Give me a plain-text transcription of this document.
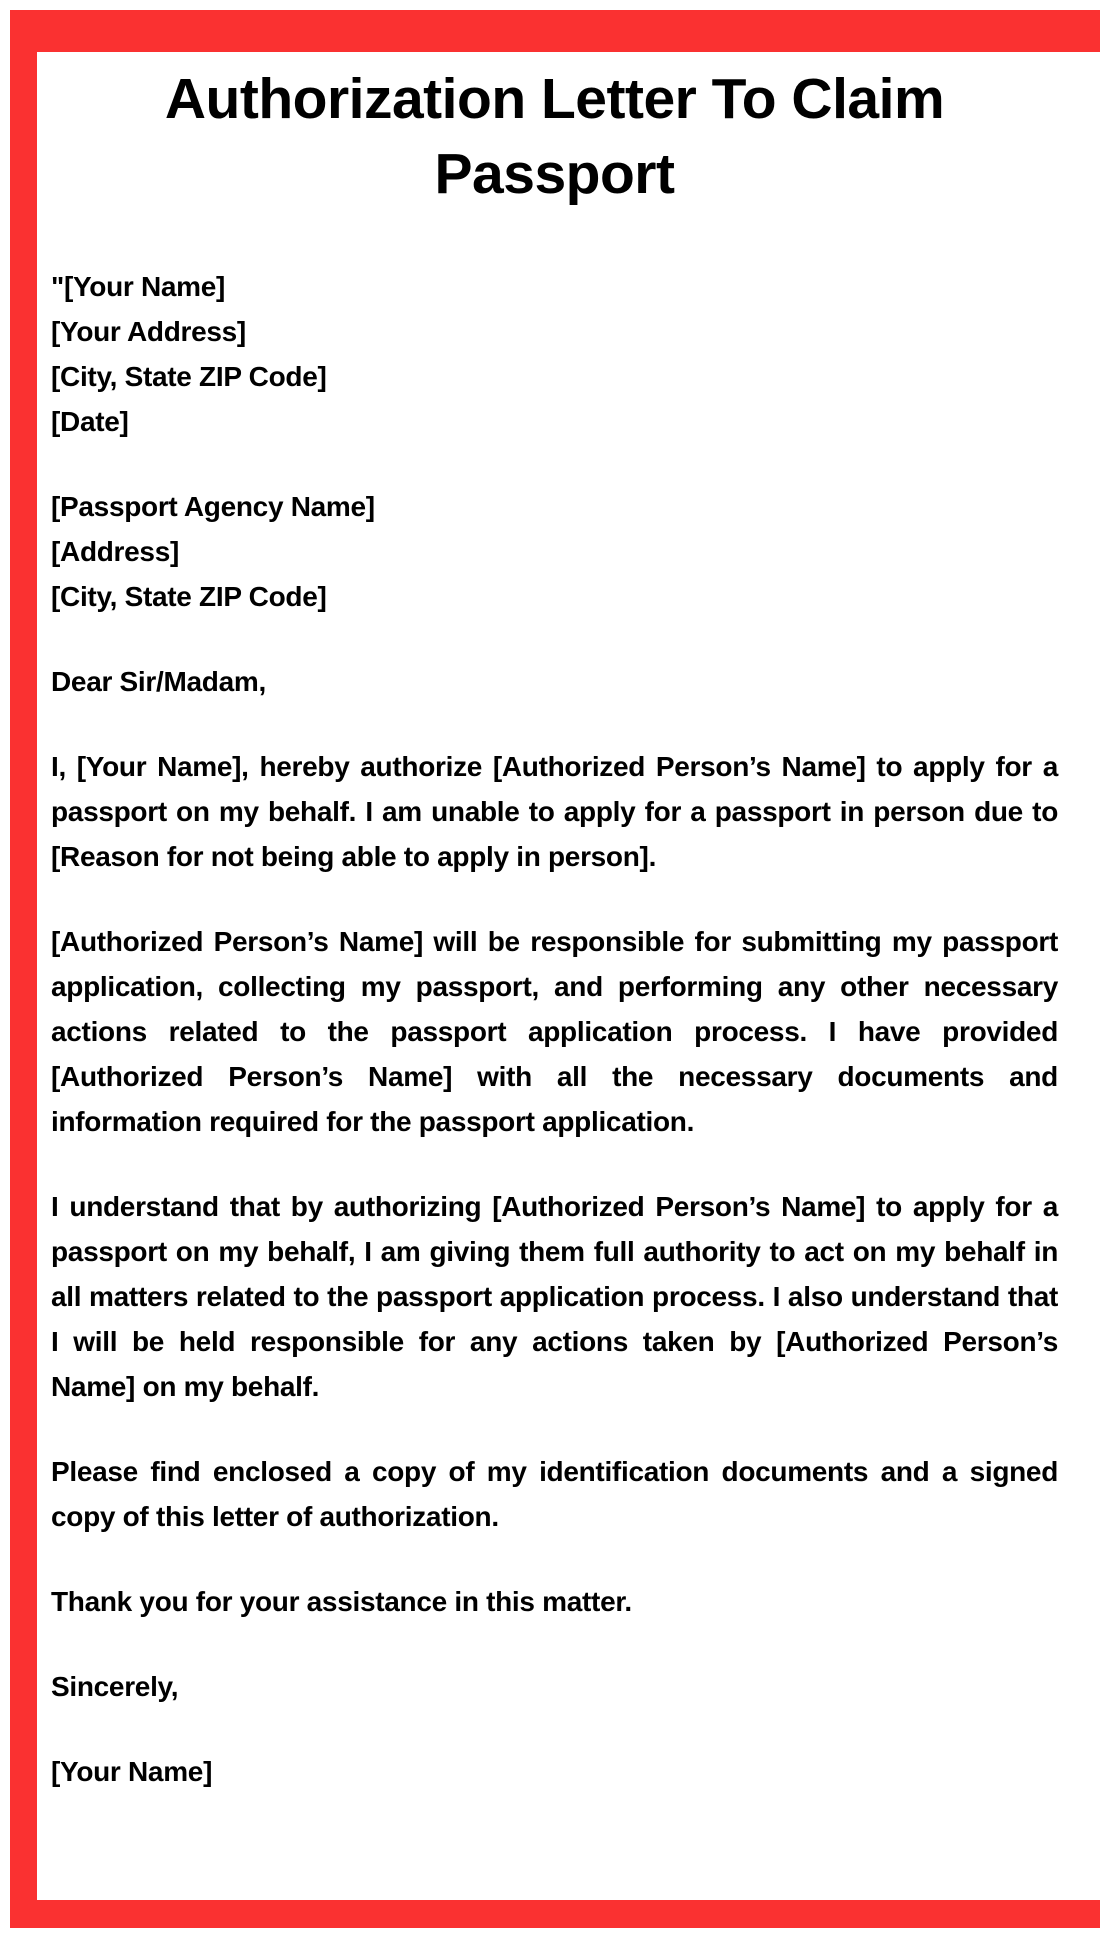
Authorization Letter To Claim Passport
"[Your Name]
[Your Address]
[City, State ZIP Code]
[Date]
[Passport Agency Name]
[Address]
[City, State ZIP Code]
Dear Sir/Madam,

I, [Your Name], hereby authorize [Authorized Person’s Name] to apply for a passport on my behalf. I am unable to apply for a passport in person due to [Reason for not being able to apply in person].

[Authorized Person’s Name] will be responsible for submitting my passport application, collecting my passport, and performing any other necessary actions related to the passport application process. I have provided [Authorized Person’s Name] with all the necessary documents and information required for the passport application.

I understand that by authorizing [Authorized Person’s Name] to apply for a passport on my behalf, I am giving them full authority to act on my behalf in all matters related to the passport application process. I also understand that I will be held responsible for any actions taken by [Authorized Person’s Name] on my behalf.

Please find enclosed a copy of my identification documents and a signed copy of this letter of authorization.

Thank you for your assistance in this matter.

Sincerely,
[Your Name]
